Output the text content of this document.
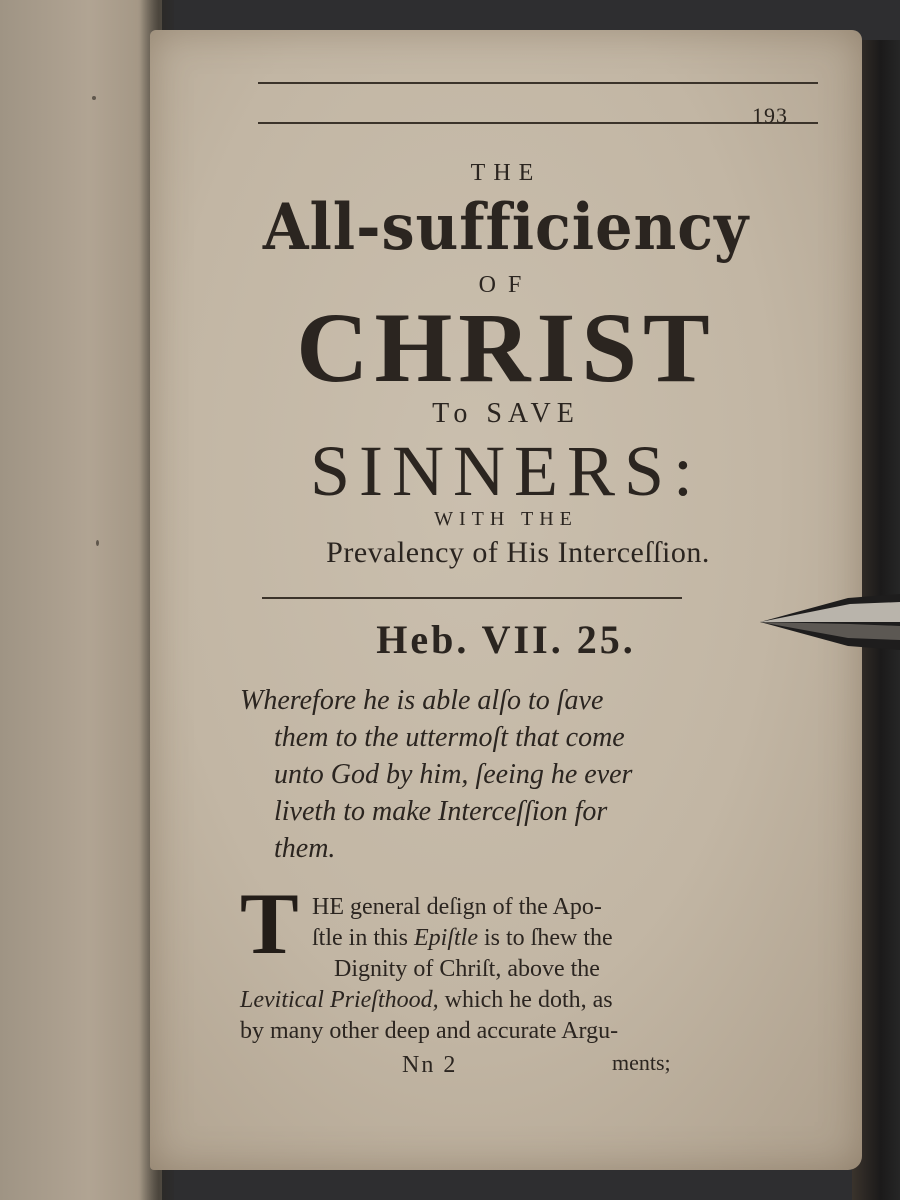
193
THE
All-sufficiency
OF
CHRIST
To SAVE
SINNERS:
WITH THE
Prevalency of His Interceſſion.
Heb. VII. 25.
Wherefore he is able alſo to ſave
them to the uttermoſt that come
unto God by him, ſeeing he ever
liveth to make Interceſſion for
them.
T HE general deſign of the Apo-
ſtle in this Epiſtle is to ſhew the
Dignity of Chriſt, above the
Levitical Prieſthood, which he doth, as
by many other deep and accurate Argu-
Nn 2	ments;
